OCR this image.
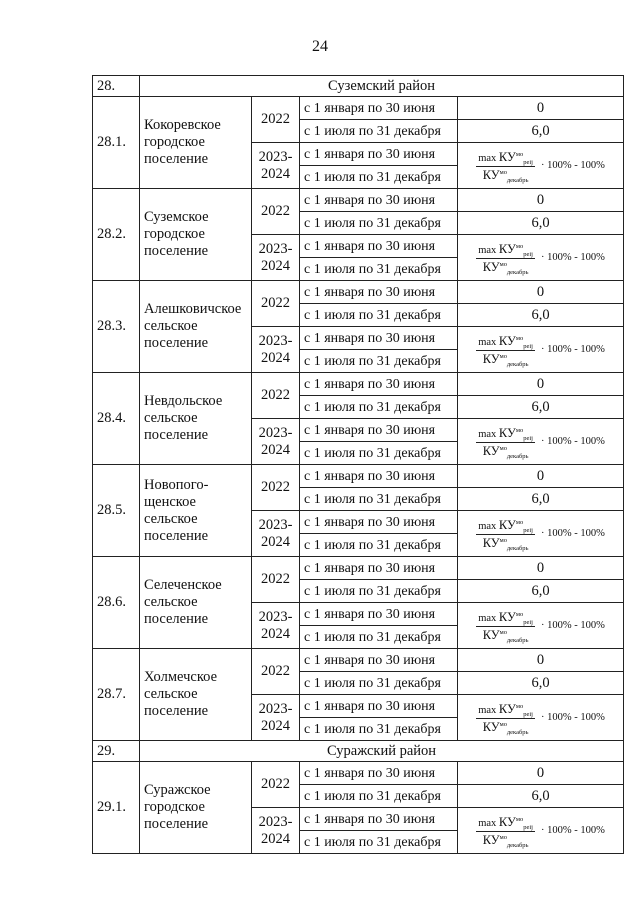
24
28.	Суземский район			
28.1.	Кокоревское городское поселение	2022	с 1 января по 30 июня	0
			с 1 июля по 31 декабря	6,0
		2023-2024	с 1 января по 30 июня	$\frac{\max КУ^{мо}_{реij}}{КУ^{мо}_{декабрь}} \cdot 100\% - 100\%$

			с 1 июля по 31 декабря	
28.2.	Суземское городское поселение	2022	с 1 января по 30 июня	0
			с 1 июля по 31 декабря	6,0
		2023-2024	с 1 января по 30 июня	$\frac{\max КУ^{мо}_{реij}}{КУ^{мо}_{декабрь}} \cdot 100\% - 100\%$

			с 1 июля по 31 декабря	
28.3.	Алешковичское сельское поселение	2022	с 1 января по 30 июня	0
			с 1 июля по 31 декабря	6,0
		2023-2024	с 1 января по 30 июня	$\frac{\max КУ^{мо}_{реij}}{КУ^{мо}_{декабрь}} \cdot 100\% - 100\%$

			с 1 июля по 31 декабря	
28.4.	Невдольское сельское поселение	2022	с 1 января по 30 июня	0
			с 1 июля по 31 декабря	6,0
		2023-2024	с 1 января по 30 июня	$\frac{\max КУ^{мо}_{реij}}{КУ^{мо}_{декабрь}} \cdot 100\% - 100\%$

			с 1 июля по 31 декабря	
28.5.	Новопого-щенское сельское поселение	2022	с 1 января по 30 июня	0
			с 1 июля по 31 декабря	6,0
		2023-2024	с 1 января по 30 июня	$\frac{\max КУ^{мо}_{реij}}{КУ^{мо}_{декабрь}} \cdot 100\% - 100\%$

			с 1 июля по 31 декабря	
28.6.	Селеченское сельское поселение	2022	с 1 января по 30 июня	0
			с 1 июля по 31 декабря	6,0
		2023-2024	с 1 января по 30 июня	$\frac{\max КУ^{мо}_{реij}}{КУ^{мо}_{декабрь}} \cdot 100\% - 100\%$

			с 1 июля по 31 декабря	
28.7.	Холмечское сельское поселение	2022	с 1 января по 30 июня	0
			с 1 июля по 31 декабря	6,0
		2023-2024	с 1 января по 30 июня	$\frac{\max КУ^{мо}_{реij}}{КУ^{мо}_{декабрь}} \cdot 100\% - 100\%$

			с 1 июля по 31 декабря	
29.	Суражский район			
29.1.	Суражское городское поселение	2022	с 1 января по 30 июня	0
			с 1 июля по 31 декабря	6,0
		2023-2024	с 1 января по 30 июня	$\frac{\max КУ^{мо}_{реij}}{КУ^{мо}_{декабрь}} \cdot 100\% - 100\%$

			с 1 июля по 31 декабря	
